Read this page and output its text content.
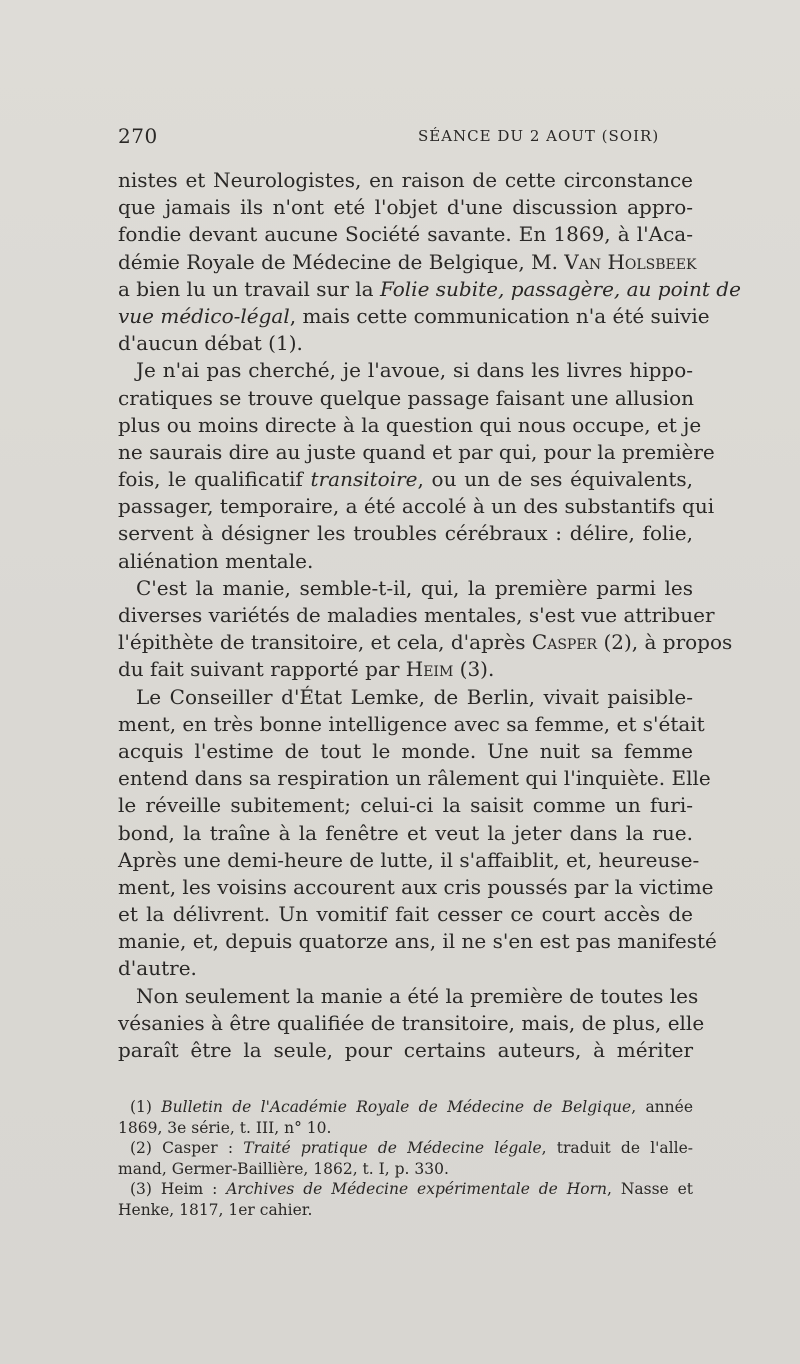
270	SÉANCE DU 2 AOUT (SOIR)
nistes et Neurologistes, en raison de cette circonstance
que jamais ils n'ont eté l'objet d'une discussion appro-
fondie devant aucune Société savante. En 1869, à l'Aca-
démie Royale de Médecine de Belgique, M. Van Holsbeek
a bien lu un travail sur la Folie subite, passagère, au point de
vue médico-légal, mais cette communication n'a été suivie
d'aucun débat (1).
Je n'ai pas cherché, je l'avoue, si dans les livres hippo-
cratiques se trouve quelque passage faisant une allusion
plus ou moins directe à la question qui nous occupe, et je
ne saurais dire au juste quand et par qui, pour la première
fois, le qualificatif transitoire, ou un de ses équivalents,
passager, temporaire, a été accolé à un des substantifs qui
servent à désigner les troubles cérébraux : délire, folie,
aliénation mentale.
C'est la manie, semble-t-il, qui, la première parmi les
diverses variétés de maladies mentales, s'est vue attribuer
l'épithète de transitoire, et cela, d'après Casper (2), à propos
du fait suivant rapporté par Heim (3).
Le Conseiller d'État Lemke, de Berlin, vivait paisible-
ment, en très bonne intelligence avec sa femme, et s'était
acquis l'estime de tout le monde. Une nuit sa femme
entend dans sa respiration un râlement qui l'inquiète. Elle
le réveille subitement; celui-ci la saisit comme un furi-
bond, la traîne à la fenêtre et veut la jeter dans la rue.
Après une demi-heure de lutte, il s'affaiblit, et, heureuse-
ment, les voisins accourent aux cris poussés par la victime
et la délivrent. Un vomitif fait cesser ce court accès de
manie, et, depuis quatorze ans, il ne s'en est pas manifesté
d'autre.
Non seulement la manie a été la première de toutes les
vésanies à être qualifiée de transitoire, mais, de plus, elle
paraît être la seule, pour certains auteurs, à mériter
(1) Bulletin de l'Académie Royale de Médecine de Belgique, année
1869, 3e série, t. III, n° 10.
(2) Casper : Traité pratique de Médecine légale, traduit de l'alle-
mand, Germer-Baillière, 1862, t. I, p. 330.
(3) Heim : Archives de Médecine expérimentale de Horn, Nasse et
Henke, 1817, 1er cahier.
